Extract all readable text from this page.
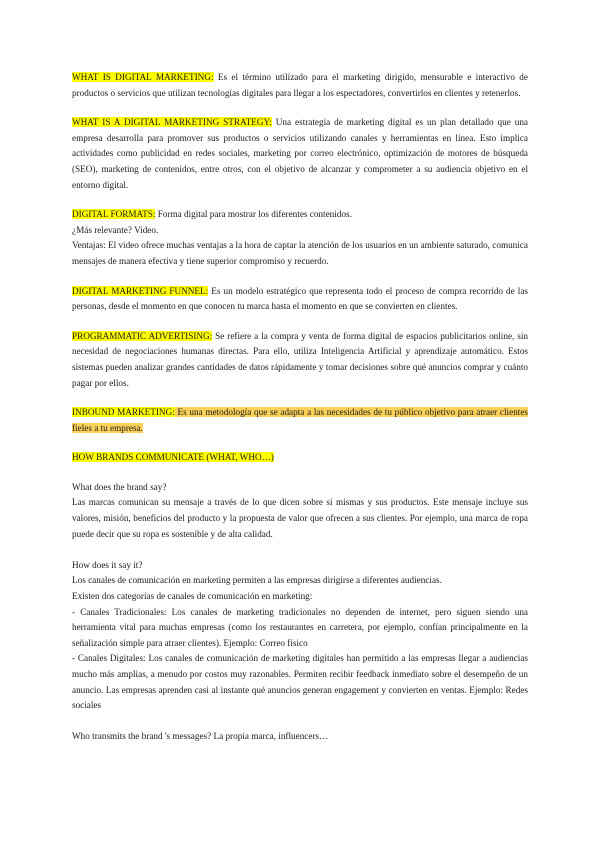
WHAT IS DIGITAL MARKETING: Es el término utilizado para el marketing dirigido, mensurable e interactivo de productos o servicios que utilizan tecnologías digitales para llegar a los espectadores, convertirlos en clientes y retenerlos.

WHAT IS A DIGITAL MARKETING STRATEGY: Una estrategia de marketing digital es un plan detallado que una empresa desarrolla para promover sus productos o servicios utilizando canales y herramientas en línea. Esto implica actividades como publicidad en redes sociales, marketing por correo electrónico, optimización de motores de búsqueda (SEO), marketing de contenidos, entre otros, con el objetivo de alcanzar y comprometer a su audiencia objetivo en el entorno digital.

DIGITAL FORMATS: Forma digital para mostrar los diferentes contenidos.

¿Más relevante? Video.

Ventajas: El video ofrece muchas ventajas a la hora de captar la atención de los usuarios en un ambiente saturado, comunica mensajes de manera efectiva y tiene superior compromiso y recuerdo.

DIGITAL MARKETING FUNNEL: Es un modelo estratégico que representa todo el proceso de compra recorrido de las personas, desde el momento en que conocen tu marca hasta el momento en que se convierten en clientes.

PROGRAMMATIC ADVERTISING: Se refiere a la compra y venta de forma digital de espacios publicitarios online, sin necesidad de negociaciones humanas directas. Para ello, utiliza Inteligencia Artificial y aprendizaje automático. Estos sistemas pueden analizar grandes cantidades de datos rápidamente y tomar decisiones sobre qué anuncios comprar y cuánto pagar por ellos.

INBOUND MARKETING: Es una metodología que se adapta a las necesidades de tu público objetivo para atraer clientes fieles a tu empresa.

HOW BRANDS COMMUNICATE (WHAT, WHO…)

What does the brand say?

Las marcas comunican su mensaje a través de lo que dicen sobre sí mismas y sus productos. Este mensaje incluye sus valores, misión, beneficios del producto y la propuesta de valor que ofrecen a sus clientes. Por ejemplo, una marca de ropa puede decir que su ropa es sostenible y de alta calidad.

How does it say it?

Los canales de comunicación en marketing permiten a las empresas dirigirse a diferentes audiencias.

Existen dos categorías de canales de comunicación en marketing:

- Canales Tradicionales: Los canales de marketing tradicionales no dependen de internet, pero siguen siendo una herramienta vital para muchas empresas (como los restaurantes en carretera, por ejemplo, confían principalmente en la señalización simple para atraer clientes). Ejemplo: Correo físico

- Canales Digitales: Los canales de comunicación de marketing digitales han permitido a las empresas llegar a audiencias mucho más amplias, a menudo por costos muy razonables. Permiten recibir feedback inmediato sobre el desempeño de un anuncio. Las empresas aprenden casi al instante qué anuncios generan engagement y convierten en ventas. Ejemplo: Redes sociales

Who transmits the brand 's messages? La propia marca, influencers…
